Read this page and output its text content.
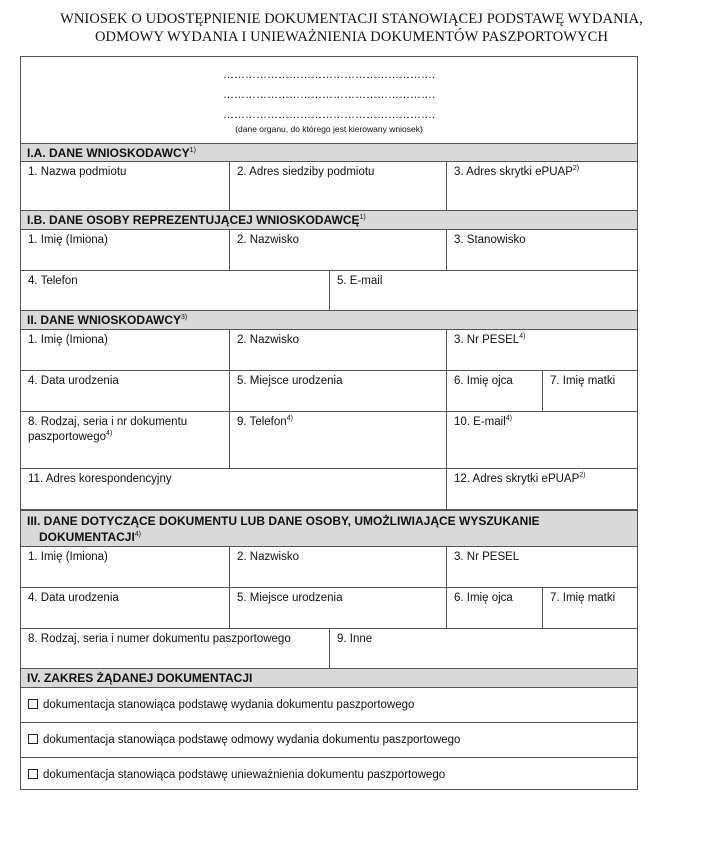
WNIOSEK O UDOSTĘPNIENIE DOKUMENTACJI STANOWIĄCEJ PODSTAWĘ WYDANIA,
ODMOWY WYDANIA I UNIEWAŻNIENIA DOKUMENTÓW PASZPORTOWYCH
………………………………………………….
………………………………………………….
………………………………………………….
(dane organu, do którego jest kierowany wniosek)
I.A. DANE WNIOSKODAWCY$^{1)}$
1. Nazwa podmiotu	2. Adres siedziby podmiotu	3. Adres skrytki ePUAP$^{2)}$
I.B. DANE OSOBY REPREZENTUJĄCEJ WNIOSKODAWCĘ$^{1)}$
1. Imię (Imiona)	2. Nazwisko	3. Stanowisko
4. Telefon	5. E-mail
II. DANE WNIOSKODAWCY$^{3)}$
1. Imię (Imiona)	2. Nazwisko	3. Nr PESEL$^{4)}$
4. Data urodzenia	5. Miejsce urodzenia	6. Imię ojca	7. Imię matki
8. Rodzaj, seria i nr dokumentu
paszportowego$^{4)}$
9. Telefon$^{4)}$	10. E-mail$^{4)}$
11. Adres korespondencyjny	12. Adres skrytki ePUAP$^{2)}$
III. DANE DOTYCZĄCE DOKUMENTU LUB DANE OSOBY, UMOŻLIWIAJĄCE WYSZUKANIE
DOKUMENTACJI$^{4)}$
1. Imię (Imiona)	2. Nazwisko	3. Nr PESEL
4. Data urodzenia	5. Miejsce urodzenia	6. Imię ojca	7. Imię matki
8. Rodzaj, seria i numer dokumentu paszportowego	9. Inne
IV. ZAKRES ŻĄDANEJ DOKUMENTACJI
dokumentacja stanowiąca podstawę wydania dokumentu paszportowego
dokumentacja stanowiąca podstawę odmowy wydania dokumentu paszportowego
dokumentacja stanowiąca podstawę unieważnienia dokumentu paszportowego
